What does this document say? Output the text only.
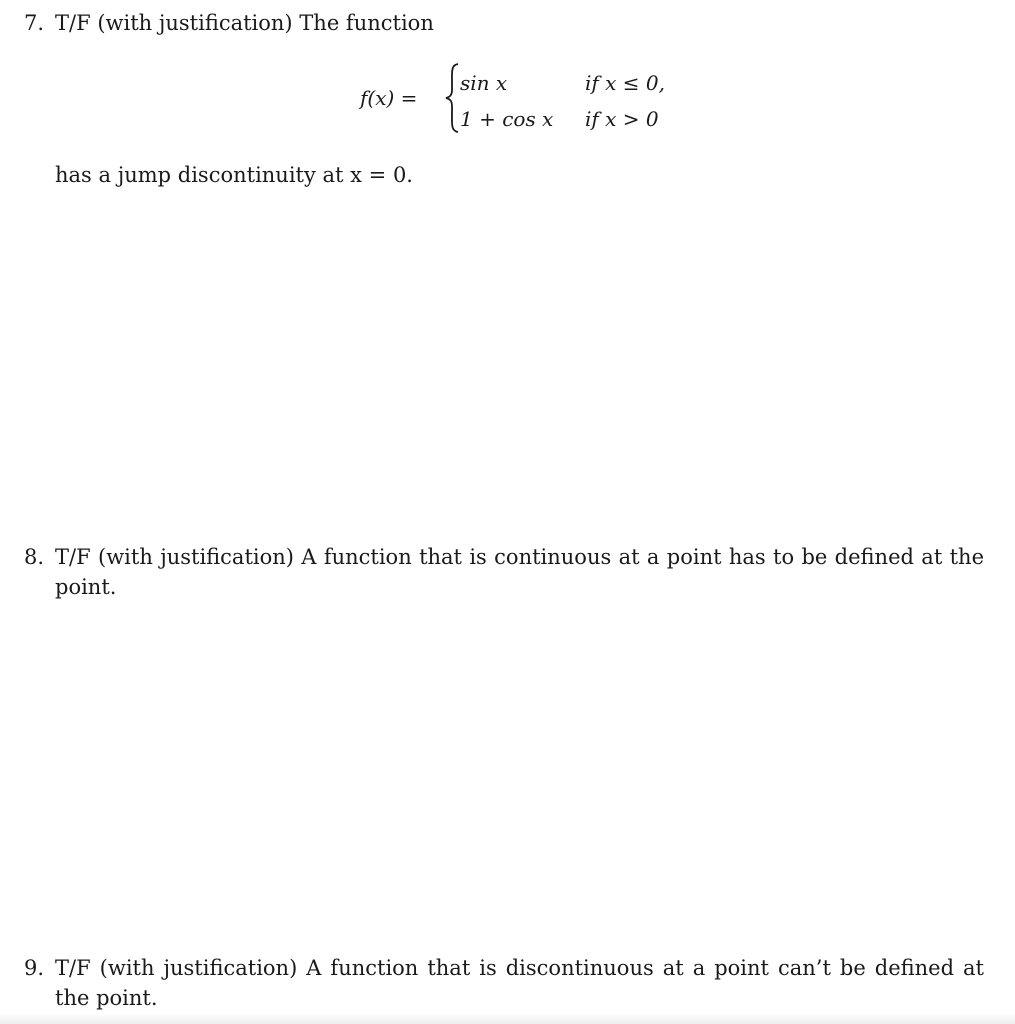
7. T/F (with justification) The function
f(x) =
sin x	if x ≤ 0,
1 + cos x if x > 0
has a jump discontinuity at x = 0.
8. T/F (with justification) A function that is continuous at a point has to be defined at the point.
9. T/F (with justification) A function that is discontinuous at a point can’t be defined at the point.
